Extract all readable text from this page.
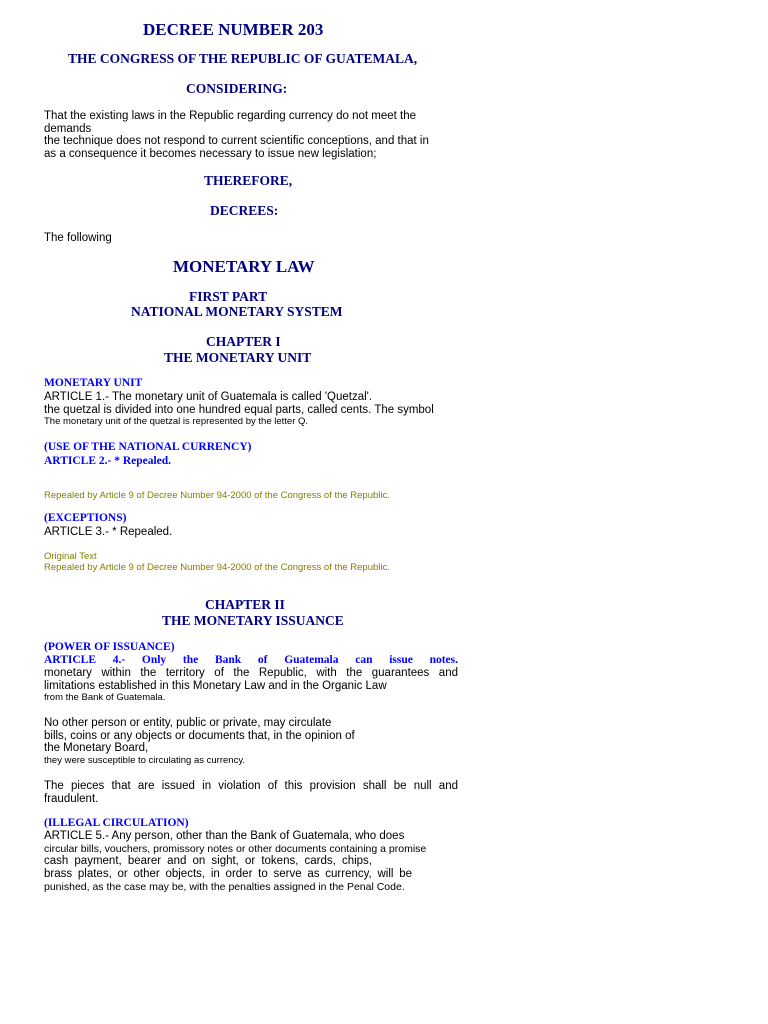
DECREE NUMBER 203
THE CONGRESS OF THE REPUBLIC OF GUATEMALA,
CONSIDERING:
That the existing laws in the Republic regarding currency do not meet the
demands
the technique does not respond to current scientific conceptions, and that in
as a consequence it becomes necessary to issue new legislation;
THEREFORE,
DECREES:
The following
MONETARY LAW
FIRST PART
NATIONAL MONETARY SYSTEM
CHAPTER I
THE MONETARY UNIT
MONETARY UNIT
ARTICLE 1.- The monetary unit of Guatemala is called 'Quetzal'.
the quetzal is divided into one hundred equal parts, called cents. The symbol
The monetary unit of the quetzal is represented by the letter Q.
(USE OF THE NATIONAL CURRENCY)
ARTICLE 2.- * Repealed.
Repealed by Article 9 of Decree Number 94-2000 of the Congress of the Republic.
(EXCEPTIONS)
ARTICLE 3.- * Repealed.
Original Text
Repealed by Article 9 of Decree Number 94-2000 of the Congress of the Republic.
CHAPTER II
THE MONETARY ISSUANCE
(POWER OF ISSUANCE)
ARTICLE 4.- Only the Bank of Guatemala can issue notes.
monetary within the territory of the Republic, with the guarantees and
limitations established in this Monetary Law and in the Organic Law
from the Bank of Guatemala.
No other person or entity, public or private, may circulate
bills, coins or any objects or documents that, in the opinion of
the Monetary Board,
they were susceptible to circulating as currency.
The pieces that are issued in violation of this provision shall be null and
fraudulent.
(ILLEGAL CIRCULATION)
ARTICLE 5.- Any person, other than the Bank of Guatemala, who does
circular bills, vouchers, promissory notes or other documents containing a promise
cash payment, bearer and on sight, or tokens, cards, chips,
brass plates, or other objects, in order to serve as currency, will be
punished, as the case may be, with the penalties assigned in the Penal Code.
